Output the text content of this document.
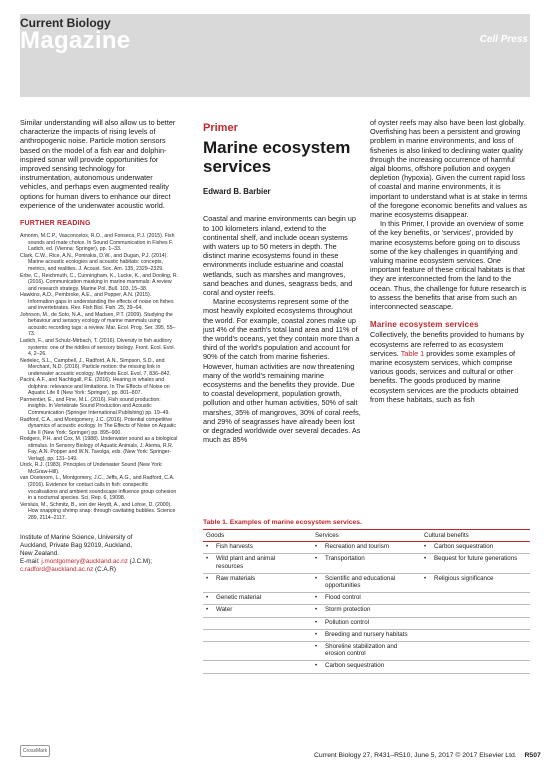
Current Biology
Magazine	Cell Press

Similar understanding will also allow us to better characterize the impacts of rising levels of anthropogenic noise. Particle motion sensors based on the model of a fish ear and dolphin-inspired sonar will provide opportunities for improved sensing technology for instrumentation, autonomous underwater vehicles, and perhaps even augmented reality options for human divers to enhance our direct experience of the underwater acoustic world.

FURTHER READING
Amorim, M.C.P., Vasconcelos, R.O., and Fonseca, P.J. (2015). Fish sounds and mate choice. In Sound Communication in Fishes F. Ladich, ed. (Vienna: Springer), pp. 1–33.
Clark, C.W., Rice, A.N., Ponirakis, D.W., and Dugan, P.J. (2014). Marine acoustic ecologies and acoustic habitats: concepts, metrics, and realities. J. Acoust. Soc. Am. 135, 2329–2329.
Erbe, C., Reichmuth, C., Cunningham, K., Lucke, K., and Dooling, R. (2016). Communication masking in marine mammals: A review and research strategy. Marine Pol. Bull. 103, 15–38.
Hawkins, A.D., Pembroke, A.E., and Popper, A.N. (2015). Information gaps in understanding the effects of noise on fishes and invertebrates. Rev. Fish Biol. Fish. 25, 39–64.
Johnson, M., de Soto, N.A., and Madsen, P.T. (2009). Studying the behaviour and sensory ecology of marine mammals using acoustic recording tags: a review. Mar. Ecol. Prog. Ser. 395, 55–73.
Ladich, F., and Schulz-Mirbach, T. (2016). Diversity in fish auditory systems: one of the riddles of sensory biology. Front. Ecol. Evol. 4, 2–26.
Nedelec, S.L., Campbell, J., Radford, A.N., Simpson, S.D., and Merchant, N.D. (2016). Particle motion: the missing link in underwater acoustic ecology. Methods Ecol. Evol. 7, 836–842.
Pacini, A.F., and Nachtigall, P.E. (2016). Hearing in whales and dolphins: relevance and limitations. In The Effects of Noise on Aquatic Life II (New York: Springer), pp. 801–807.
Parmentier, E., and Fine, M.L. (2016). Fish sound production: insights. In Vertebrate Sound Production and Acoustic Communication (Springer International Publishing) pp. 19–49.
Radford, C.A., and Montgomery, J.C. (2016). Potential competitive dynamics of acoustic ecology. In The Effects of Noise on Aquatic Life II (New York: Springer) pp. 895–900.
Rodgers, P.H. and Cox, M. (1988). Underwater sound as a biological stimulus. In Sensory Biology of Aquatic Animals, J. Atema, R.R. Fay, A.N. Popper and W.N. Tavolga, eds. (New York: Springer-Verlag), pp. 131–149.
Urick, R.J. (1983). Principles of Underwater Sound (New York: McGraw-Hill).
van Oosterom, L., Montgomery, J.C., Jeffs, A.G., and Radford, C.A. (2016). Evidence for contact calls in fish: conspecific vocalisations and ambient soundscape influence group cohesion in a nocturnal species. Sci. Rep. 6, 19098.
Versluis, M., Schmitz, B., von der Heydt, A., and Lohse, D. (2000). How snapping shrimp snap: through cavitating bubbles. Science 289, 2114–2117.
Institute of Marine Science, University of
Auckland, Private Bag 92019, Auckland,
New Zealand.
E-mail: j.montgomery@auckland.ac.nz (J.C.M);
c.radford@auckland.ac.nz (C.A.R)
Primer
Marine ecosystem
services
Edward B. Barbier

Coastal and marine environments can begin up to 100 kilometers inland, extend to the continental shelf, and include ocean systems with waters up to 50 meters in depth. The distinct marine ecosystems found in these environments include estuarine and coastal wetlands, such as marshes and mangroves, sand beaches and dunes, seagrass beds, and coral and oyster reefs.

Marine ecosystems represent some of the most heavily exploited ecosystems throughout the world. For example, coastal zones make up just 4% of the earth's total land area and 11% of the world's oceans, yet they contain more than a third of the world's population and account for 90% of the catch from marine fisheries. However, human activities are now threatening many of the world's remaining marine ecosystems and the benefits they provide. Due to coastal development, population growth, pollution and other human activities, 50% of salt marshes, 35% of mangroves, 30% of coral reefs, and 29% of seagrasses have already been lost or degraded worldwide over several decades. As much as 85%

of oyster reefs may also have been lost globally. Overfishing has been a persistent and growing problem in marine environments, and loss of fisheries is also linked to declining water quality through the increasing occurrence of harmful algal blooms, offshore pollution and oxygen depletion (hypoxia). Given the current rapid loss of coastal and marine environments, it is important to understand what is at stake in terms of the foregone economic benefits and values as marine ecosystems disappear.

In this Primer, I provide an overview of some of the key benefits, or 'services', provided by marine ecosystems before going on to discuss some of the key challenges in quantifying and valuing marine ecosystem services. One important feature of these critical habitats is that they are interconnected from the land to the ocean. Thus, the challenge for future research is to assess the benefits that arise from such an interconnected seascape.

Marine ecosystem services

Collectively, the benefits provided to humans by ecosystems are referred to as ecosystem services. Table 1 provides some examples of marine ecosystem services, which comprise various goods, services and cultural or other benefits. The goods produced by marine ecosystem services are the products obtained from these habitats, such as fish

Table 1. Examples of marine ecosystem services.
Goods	Services	Cultural benefits
• Fish harvests	• Recreation and tourism	• Carbon sequestration
• Wild plant and animal resources	• Transportation	• Bequest for future generations
• Raw materials	• Scientific and educational opportunities	• Religious significance
• Genetic material	• Flood control	
• Water	• Storm protection	
	• Pollution control	
	• Breeding and nursery habitats	
	• Shoreline stabilization and erosion control	
	• Carbon sequestration	
CrossMark
Current Biology 27, R431–R510, June 5, 2017 © 2017 Elsevier Ltd. R507
